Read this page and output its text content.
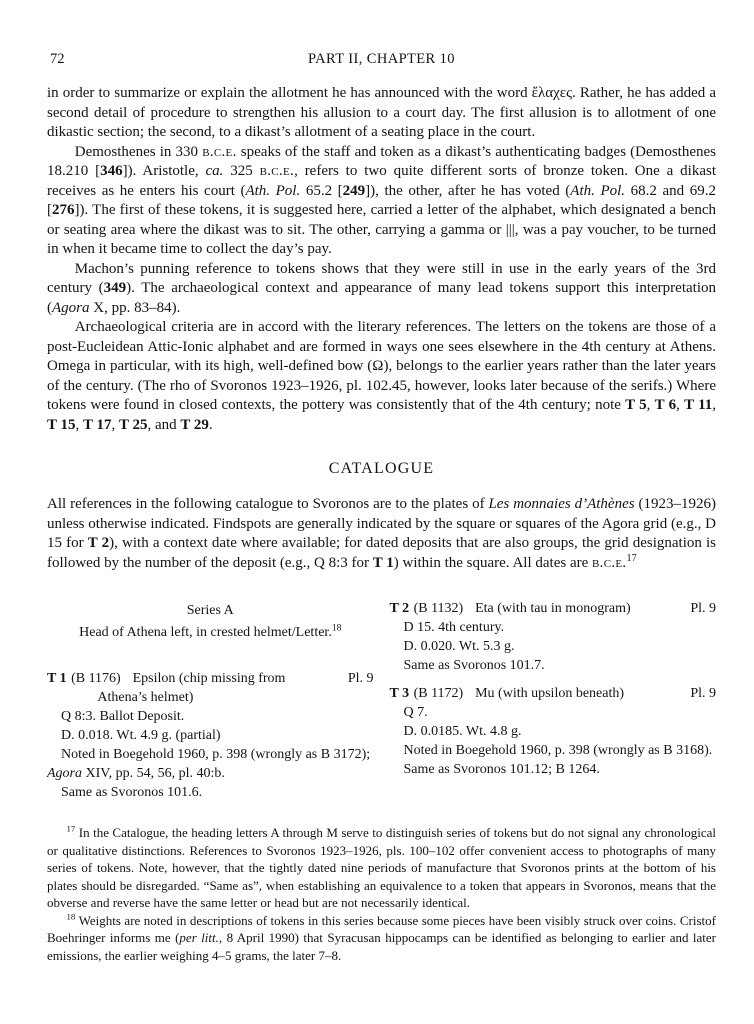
72	PART II, CHAPTER 10

in order to summarize or explain the allotment he has announced with the word ἔλαχες. Rather, he has added a second detail of procedure to strengthen his allusion to a court day. The first allusion is to allotment of one dikastic section; the second, to a dikast’s allotment of a seating place in the court.

Demosthenes in 330 b.c.e. speaks of the staff and token as a dikast’s authenticating badges (Demosthenes 18.210 [346]). Aristotle, ca. 325 b.c.e., refers to two quite different sorts of bronze token. One a dikast receives as he enters his court (Ath. Pol. 65.2 [249]), the other, after he has voted (Ath. Pol. 68.2 and 69.2 [276]). The first of these tokens, it is suggested here, carried a letter of the alphabet, which designated a bench or seating area where the dikast was to sit. The other, carrying a gamma or |||, was a pay voucher, to be turned in when it became time to collect the day’s pay.

Machon’s punning reference to tokens shows that they were still in use in the early years of the 3rd century (349). The archaeological context and appearance of many lead tokens support this interpretation (Agora X, pp. 83–84).

Archaeological criteria are in accord with the literary references. The letters on the tokens are those of a post-Eucleidean Attic-Ionic alphabet and are formed in ways one sees elsewhere in the 4th century at Athens. Omega in particular, with its high, well-defined bow (Ω), belongs to the earlier years rather than the later years of the century. (The rho of Svoronos 1923–1926, pl. 102.45, however, looks later because of the serifs.) Where tokens were found in closed contexts, the pottery was consistently that of the 4th century; note T 5, T 6, T 11, T 15, T 17, T 25, and T 29.

CATALOGUE

All references in the following catalogue to Svoronos are to the plates of Les monnaies d’Athènes (1923–1926) unless otherwise indicated. Findspots are generally indicated by the square or squares of the Agora grid (e.g., D 15 for T 2), with a context date where available; for dated deposits that are also groups, the grid designation is followed by the number of the deposit (e.g., Q 8:3 for T 1) within the square. All dates are b.c.e.$^{17}$

Series A
Head of Athena left, in crested helmet/Letter.$^{18}$
T 1 (B 1176) Epsilon (chip missing from Athena’s helmet)
Pl. 9
Q 8:3. Ballot Deposit.
D. 0.018. Wt. 4.9 g. (partial)
Noted in Boegehold 1960, p. 398 (wrongly as B 3172); Agora XIV, pp. 54, 56, pl. 40:b.
Same as Svoronos 101.6.
T 2 (B 1132) Eta (with tau in monogram)	Pl. 9
D 15. 4th century.
D. 0.020. Wt. 5.3 g.
Same as Svoronos 101.7.
T 3 (B 1172) Mu (with upsilon beneath)	Pl. 9
Q 7.
D. 0.0185. Wt. 4.8 g.
Noted in Boegehold 1960, p. 398 (wrongly as B 3168).
Same as Svoronos 101.12; B 1264.

$^{17}$ In the Catalogue, the heading letters A through M serve to distinguish series of tokens but do not signal any chronological or qualitative distinctions. References to Svoronos 1923–1926, pls. 100–102 offer convenient access to photographs of many series of tokens. Note, however, that the tightly dated nine periods of manufacture that Svoronos prints at the bottom of his plates should be disregarded. “Same as”, when establishing an equivalence to a token that appears in Svoronos, means that the obverse and reverse have the same letter or head but are not necessarily identical.

$^{18}$ Weights are noted in descriptions of tokens in this series because some pieces have been visibly struck over coins. Cristof Boehringer informs me (per litt., 8 April 1990) that Syracusan hippocamps can be identified as belonging to earlier and later emissions, the earlier weighing 4–5 grams, the later 7–8.
